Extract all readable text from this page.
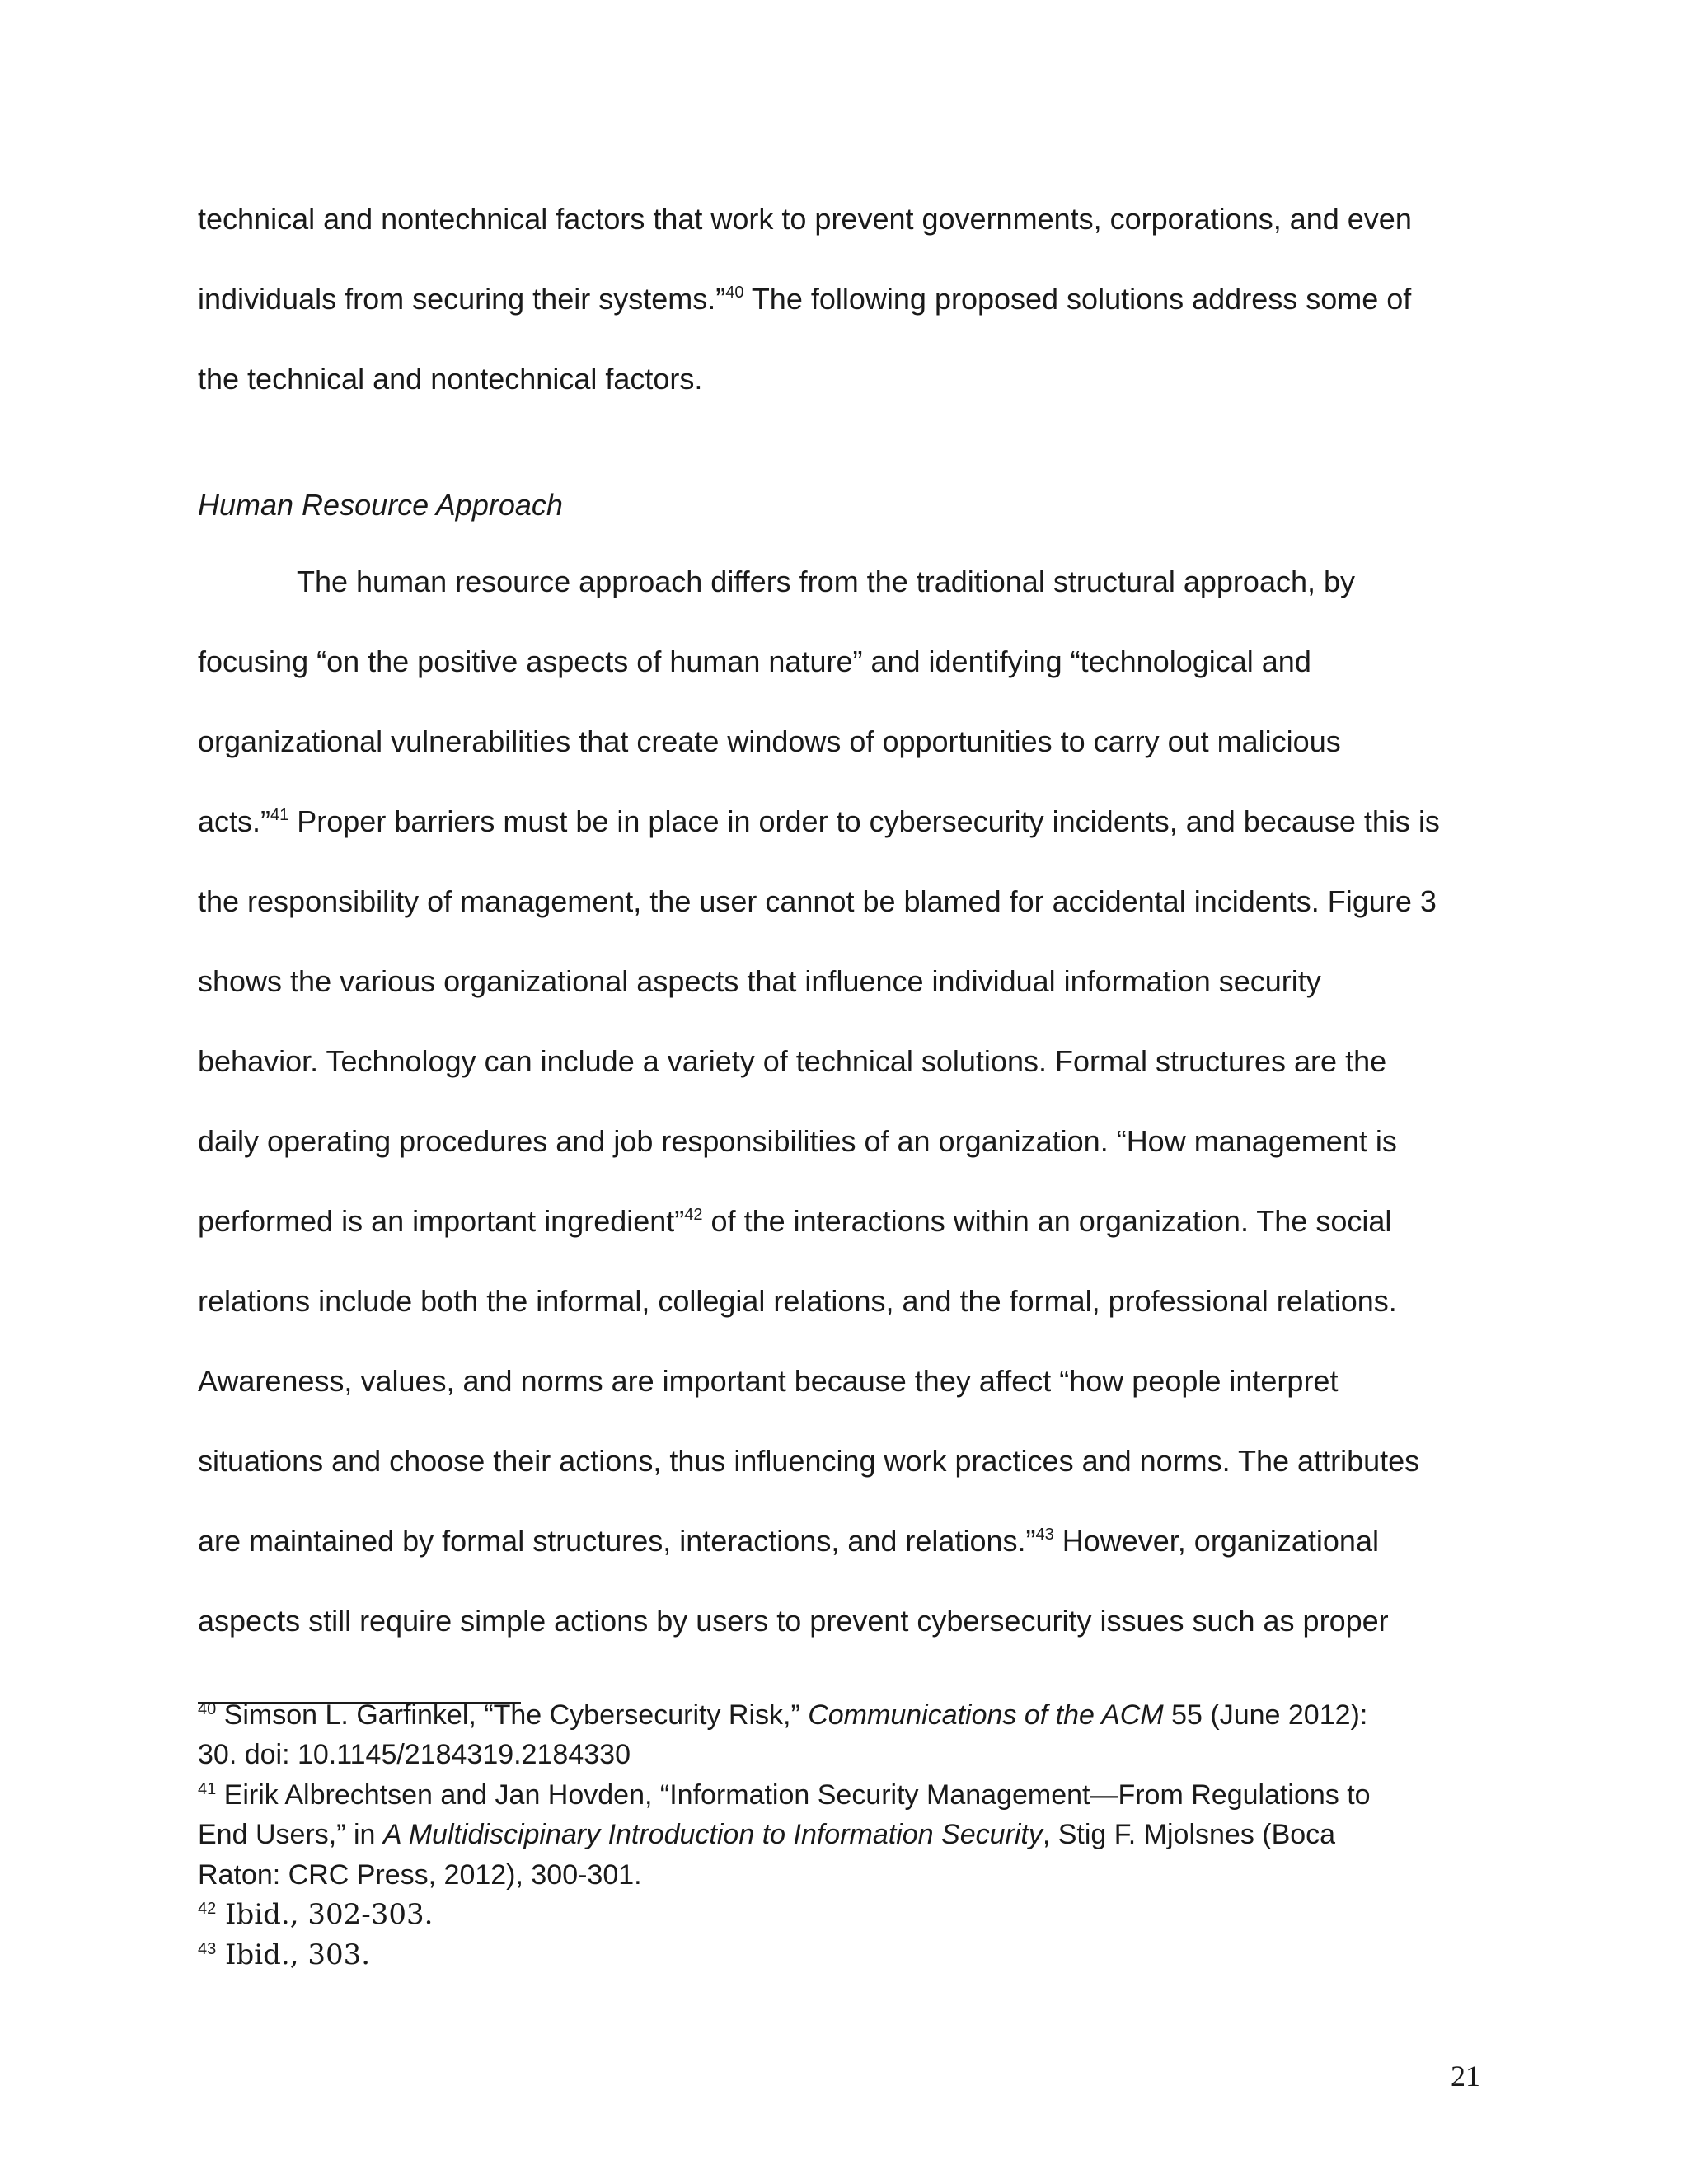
technical and nontechnical factors that work to prevent governments, corporations, and even
individuals from securing their systems.”$^{40}$ The following proposed solutions address some of
the technical and nontechnical factors.
Human Resource Approach
The human resource approach differs from the traditional structural approach, by
focusing “on the positive aspects of human nature” and identifying “technological and
organizational vulnerabilities that create windows of opportunities to carry out malicious
acts.”$^{41}$ Proper barriers must be in place in order to cybersecurity incidents, and because this is
the responsibility of management, the user cannot be blamed for accidental incidents. Figure 3
shows the various organizational aspects that influence individual information security
behavior. Technology can include a variety of technical solutions. Formal structures are the
daily operating procedures and job responsibilities of an organization. “How management is
performed is an important ingredient”$^{42}$ of the interactions within an organization. The social
relations include both the informal, collegial relations, and the formal, professional relations.
Awareness, values, and norms are important because they affect “how people interpret
situations and choose their actions, thus influencing work practices and norms. The attributes
are maintained by formal structures, interactions, and relations.”$^{43}$ However, organizational
aspects still require simple actions by users to prevent cybersecurity issues such as proper
$^{40}$ Simson L. Garfinkel, “The Cybersecurity Risk,” Communications of the ACM 55 (June 2012):
30. doi: 10.1145/2184319.2184330
$^{41}$ Eirik Albrechtsen and Jan Hovden, “Information Security Management—From Regulations to
End Users,” in A Multidiscipinary Introduction to Information Security, Stig F. Mjolsnes (Boca
Raton: CRC Press, 2012), 300-301.
$^{42}$ Ibid., 302-303.
$^{43}$ Ibid., 303.
21
